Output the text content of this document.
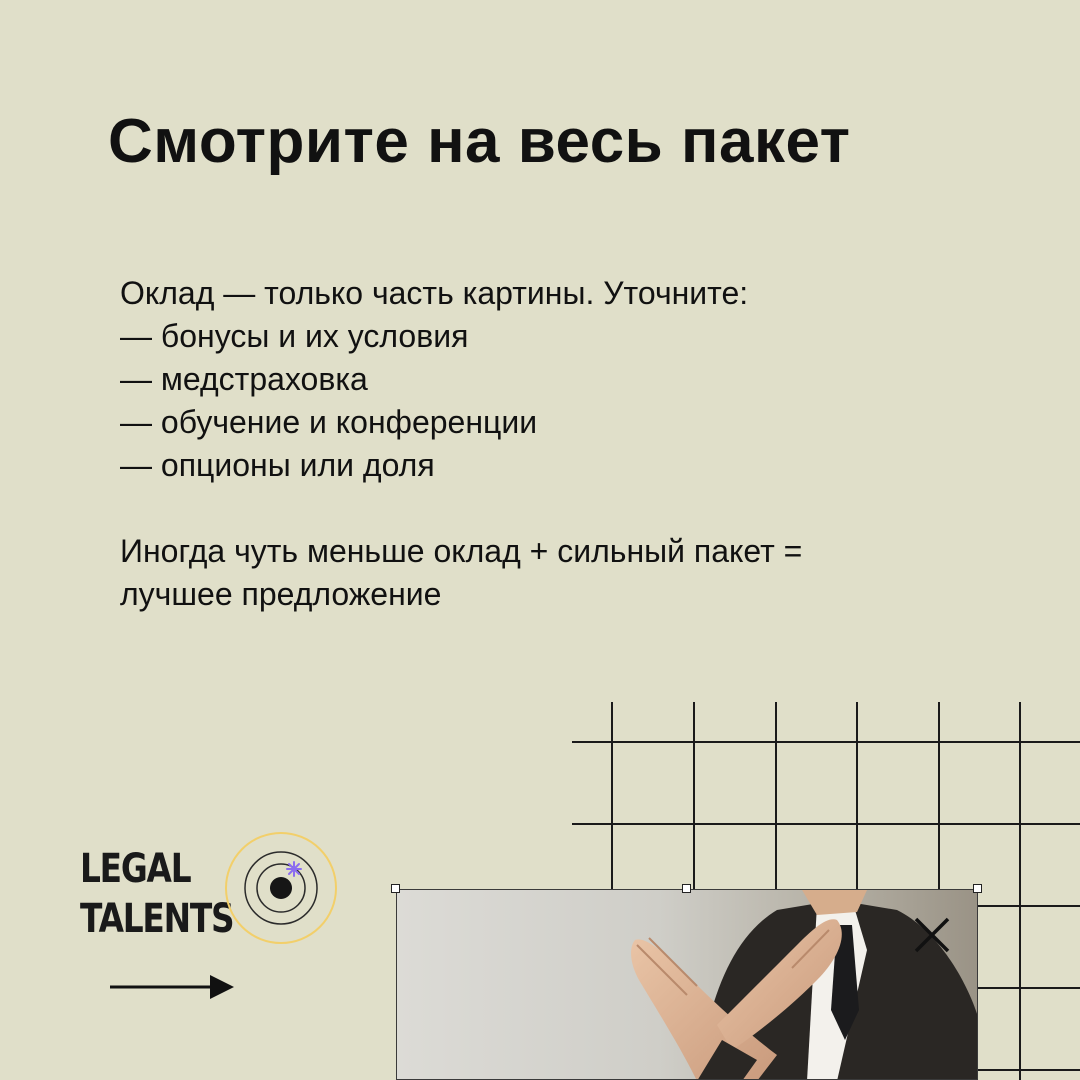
Смотрите на весь пакет
Оклад — только часть картины. Уточните:
— бонусы и их условия
— медстраховка
— обучение и конференции
— опционы или доля
Иногда чуть меньше оклад + сильный пакет =
лучшее предложение
LEGAL
TALENTS
